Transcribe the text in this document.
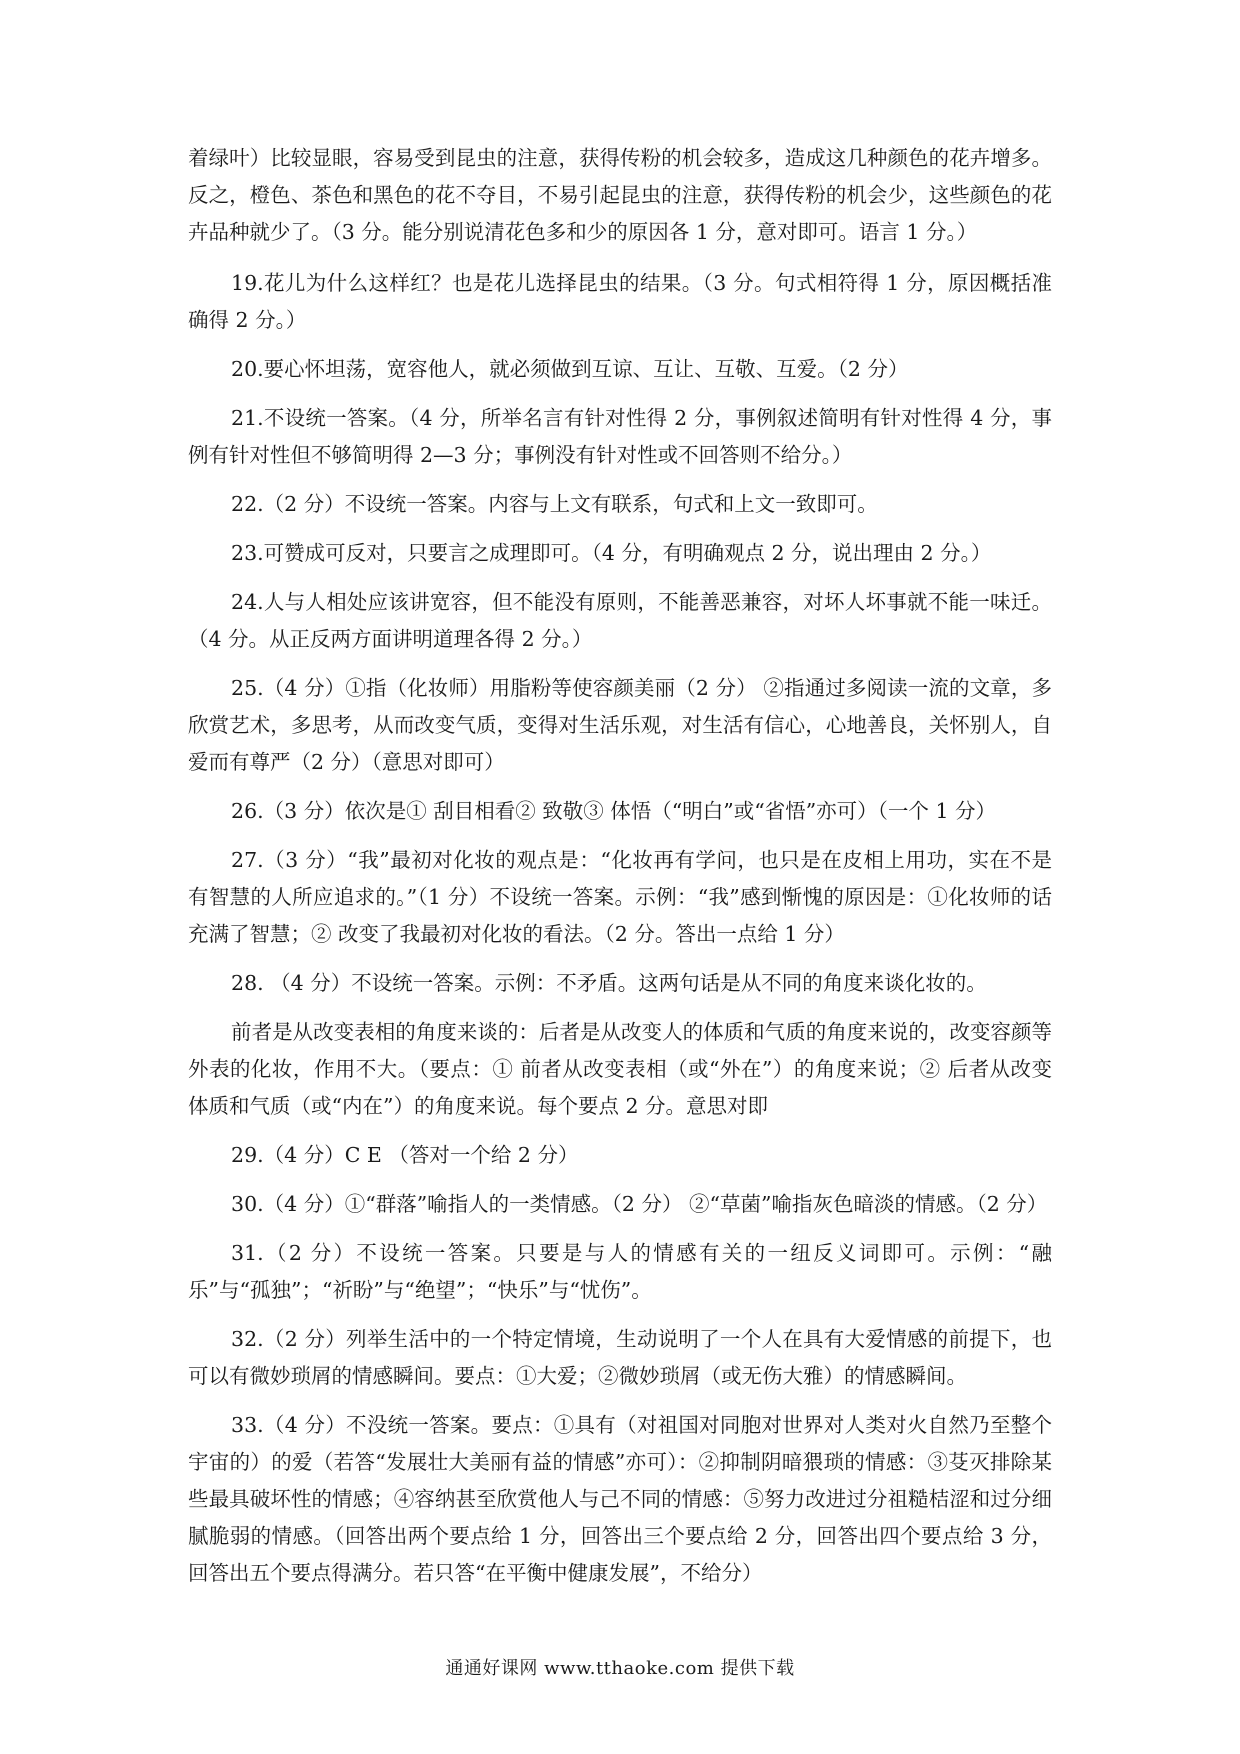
着绿叶）比较显眼，容易受到昆虫的注意，获得传粉的机会较多，造成这几种颜色的花卉增多。反之，橙色、茶色和黑色的花不夺目，不易引起昆虫的注意，获得传粉的机会少，这些颜色的花卉品种就少了。（3 分。能分别说清花色多和少的原因各 1 分，意对即可。语言 1 分。）

19.花儿为什么这样红？也是花儿选择昆虫的结果。（3 分。句式相符得 1 分，原因概括准确得 2 分。）

20.要心怀坦荡，宽容他人，就必须做到互谅、互让、互敬、互爱。（2 分）

21.不设统一答案。（4 分，所举名言有针对性得 2 分，事例叙述简明有针对性得 4 分，事例有针对性但不够简明得 2—3 分；事例没有针对性或不回答则不给分。）

22.（2 分）不设统一答案。内容与上文有联系，句式和上文一致即可。

23.可赞成可反对，只要言之成理即可。（4 分，有明确观点 2 分，说出理由 2 分。）

24.人与人相处应该讲宽容，但不能没有原则，不能善恶兼容，对坏人坏事就不能一味迁。（4 分。从正反两方面讲明道理各得 2 分。）

25.（4 分）①指（化妆师）用脂粉等使容颜美丽（2 分） ②指通过多阅读一流的文章，多欣赏艺术，多思考，从而改变气质，变得对生活乐观，对生活有信心，心地善良，关怀别人，自爱而有尊严（2 分）（意思对即可）

26.（3 分）依次是① 刮目相看② 致敬③ 体悟（“明白”或“省悟”亦可）（一个 1 分）

27.（3 分）“我”最初对化妆的观点是：“化妆再有学问，也只是在皮相上用功，实在不是有智慧的人所应追求的。”（1 分）不设统一答案。示例：“我”感到惭愧的原因是：①化妆师的话充满了智慧；② 改变了我最初对化妆的看法。（2 分。答出一点给 1 分）

28. （4 分）不设统一答案。示例：不矛盾。这两句话是从不同的角度来谈化妆的。

前者是从改变表相的角度来谈的：后者是从改变人的体质和气质的角度来说的，改变容颜等外表的化妆，作用不大。（要点：① 前者从改变表相（或“外在”）的角度来说；② 后者从改变体质和气质（或“内在”）的角度来说。每个要点 2 分。意思对即

29.（4 分）C E （答对一个给 2 分）

30.（4 分）①“群落”喻指人的一类情感。（2 分） ②“草菌”喻指灰色暗淡的情感。（2 分）

31.（2 分）不设统一答案。只要是与人的情感有关的一纽反义词即可。示例：“融乐”与“孤独”；“祈盼”与“绝望”；“快乐”与“忧伤”。

32.（2 分）列举生活中的一个特定情境，生动说明了一个人在具有大爱情感的前提下，也可以有微妙琐屑的情感瞬间。要点：①大爱；②微妙琐屑（或无伤大雅）的情感瞬间。

33.（4 分）不没统一答案。要点：①具有（对祖国对同胞对世界对人类对火自然乃至整个宇宙的）的爱（若答“发展壮大美丽有益的情感”亦可）：②抑制阴暗猥琐的情感：③芟灭排除某些最具破坏性的情感；④容纳甚至欣赏他人与己不同的情感：⑤努力改进过分祖糙桔涩和过分细腻脆弱的情感。（回答出两个要点给 1 分，回答出三个要点给 2 分，回答出四个要点给 3 分，回答出五个要点得满分。若只答“在平衡中健康发展”，不给分）

通通好课网 www.tthaoke.com 提供下载
